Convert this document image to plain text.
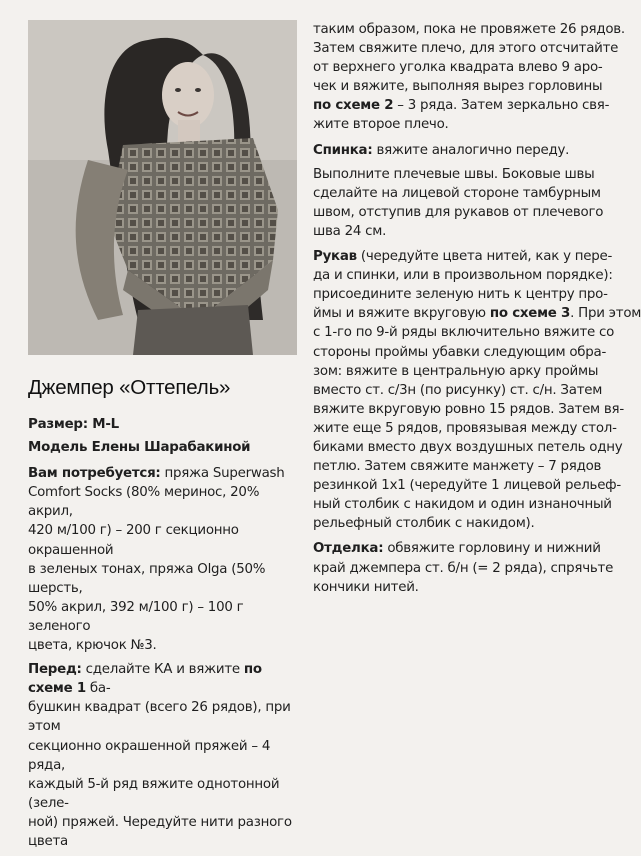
Джемпер «Оттепель»

Размер: M-L

Модель Елены Шарабакиной

Вам потребуется: пряжа Superwash
Comfort Socks (80% меринос, 20% акрил,
420 м/100 г) – 200 г секционно окрашенной
в зеленых тонах, пряжа Olga (50% шерсть,
50% акрил, 392 м/100 г) – 100 г зеленого
цвета, крючок №3.

Перед: сделайте КА и вяжите по схеме 1 ба-
бушкин квадрат (всего 26 рядов), при этом
секционно окрашенной пряжей – 4 ряда,
каждый 5-й ряд вяжите однотонной (зеле-
ной) пряжей. Чередуйте нити разного цвета

таким образом, пока не провяжете 26 рядов.
Затем свяжите плечо, для этого отсчитайте
от верхнего уголка квадрата влево 9 аро-
чек и вяжите, выполняя вырез горловины
по схеме 2 – 3 ряда. Затем зеркально свя-
жите второе плечо.

Спинка: вяжите аналогично переду.

Выполните плечевые швы. Боковые швы
сделайте на лицевой стороне тамбурным
швом, отступив для рукавов от плечевого
шва 24 см.

Рукав (чередуйте цвета нитей, как у пере-
да и спинки, или в произвольном порядке):
присоедините зеленую нить к центру про-
ймы и вяжите вкруговую по схеме 3. При этом
с 1-го по 9-й ряды включительно вяжите со
стороны проймы убавки следующим обра-
зом: вяжите в центральную арку проймы
вместо ст. с/3н (по рисунку) ст. с/н. Затем
вяжите вкруговую ровно 15 рядов. Затем вя-
жите еще 5 рядов, провязывая между стол-
биками вместо двух воздушных петель одну
петлю. Затем свяжите манжету – 7 рядов
резинкой 1х1 (чередуйте 1 лицевой рельеф-
ный столбик с накидом и один изнаночный
рельефный столбик с накидом).

Отделка: обвяжите горловину и нижний
край джемпера ст. б/н (= 2 ряда), спрячьте
кончики нитей.
